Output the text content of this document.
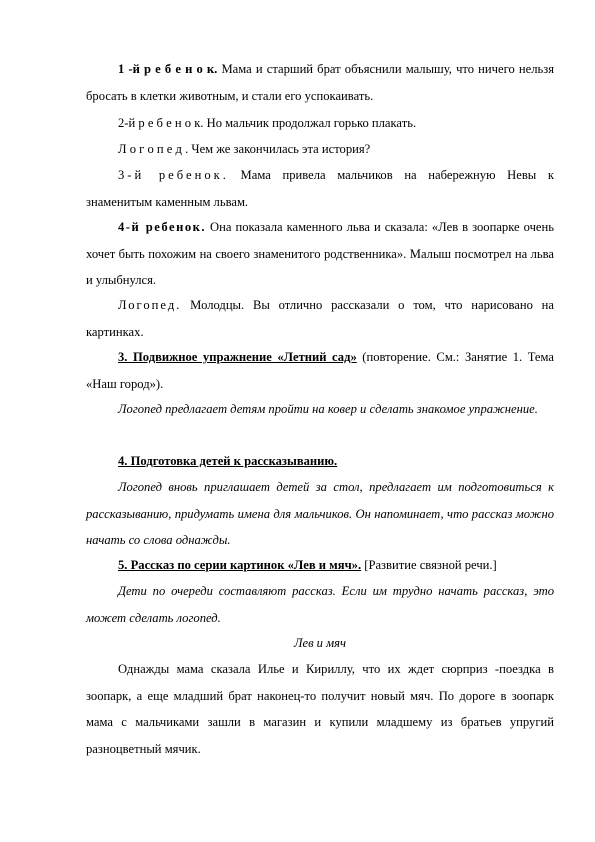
1 -й р е б е н о к. Мама и старший брат объяснили малышу, что ничего нельзя бросать в клетки животным, и стали его успокаивать.

2-й р е б е н о к. Но мальчик продолжал горько плакать.

Л о г о п е д . Чем же закончилась эта история?

3-й ребенок. Мама привела мальчиков на набережную Невы к знаменитым каменным львам.

4-й ребенок. Она показала каменного льва и сказала: «Лев в зоопарке очень хочет быть похожим на своего знаменитого родственника». Малыш посмотрел на льва и улыбнулся.

Логопед. Молодцы. Вы отлично рассказали о том, что нарисовано на картинках.

3. Подвижное упражнение «Летний сад» (повторение. См.: Занятие 1. Тема «Наш город»).

Логопед предлагает детям пройти на ковер и сделать знакомое упражнение.

4. Подготовка детей к рассказыванию.

Логопед вновь приглашает детей за стол, предлагает им подготовиться к рассказыванию, придумать имена для мальчиков. Он напоминает, что рассказ можно начать со слова однажды.

5. Рассказ по серии картинок «Лев и мяч». [Развитие связной речи.]

Дети по очереди составляют рассказ. Если им трудно начать рассказ, это может сделать логопед.

Лев и мяч

Однажды мама сказала Илье и Кириллу, что их ждет сюрприз -поездка в зоопарк, а еще младший брат наконец-то получит новый мяч. По дороге в зоопарк мама с мальчиками зашли в магазин и купили младшему из братьев упругий разноцветный мячик.
